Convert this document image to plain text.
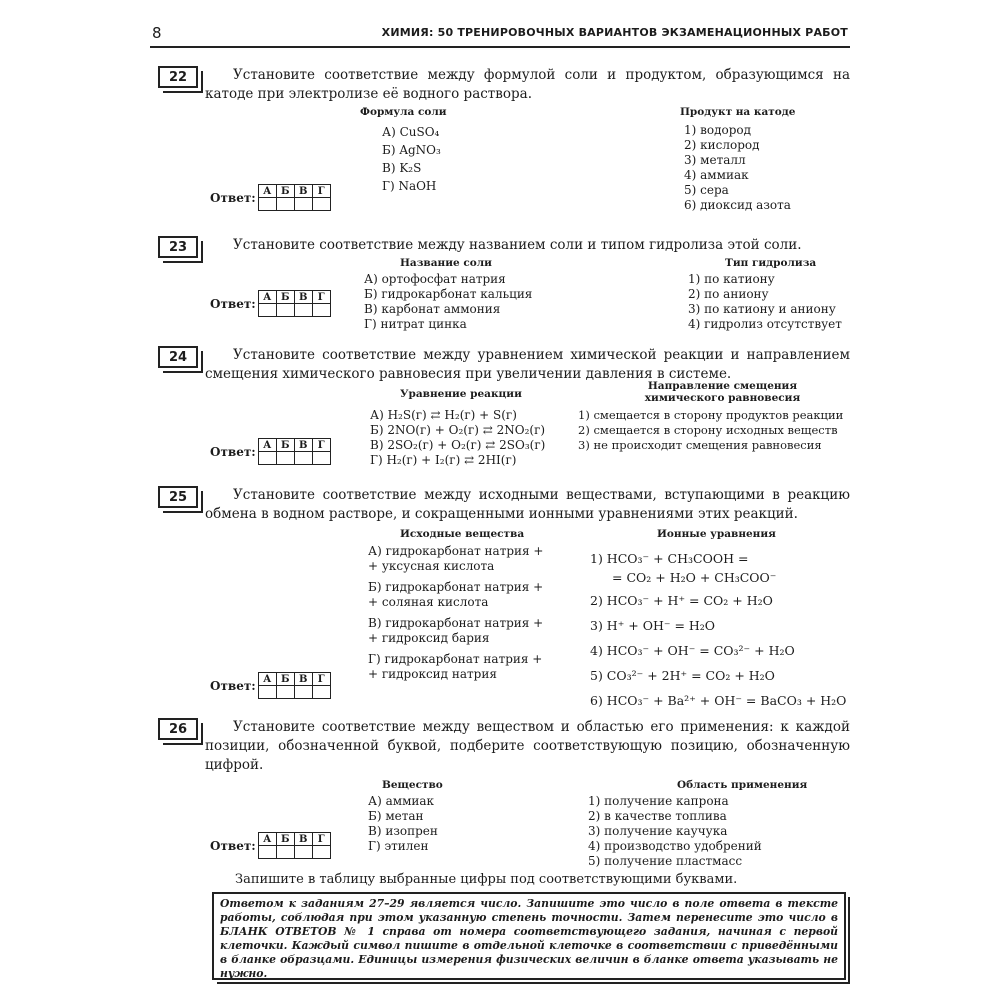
8	ХИМИЯ: 50 ТРЕНИРОВОЧНЫХ ВАРИАНТОВ ЭКЗАМЕНАЦИОННЫХ РАБОТ
22	Установите соответствие между формулой соли и продуктом, образующимся на катоде при электролизе её водного раствора.
Формула соли	Продукт на катоде
А) CuSO₄
Б) AgNO₃
В) K₂S
Г) NaOH
1) водород
2) кислород
3) металл
4) аммиак
5) сера
6) диоксид азота
Ответ: А	Б	В	Г

23	Установите соответствие между названием соли и типом гидролиза этой соли.
Название соли	Тип гидролиза
А) ортофосфат натрия
Б) гидрокарбонат кальция
В) карбонат аммония
Г) нитрат цинка
1) по катиону
2) по аниону
3) по катиону и аниону
4) гидролиз отсутствует
Ответ: А	Б	В	Г

24	Установите соответствие между уравнением химической реакции и направлением смещения химического равновесия при увеличении давления в системе.
Уравнение реакции
Направление смещения
химического равновесия
А) H₂S(г) ⇄ H₂(г) + S(г)
Б) 2NO(г) + O₂(г) ⇄ 2NO₂(г)
В) 2SO₂(г) + O₂(г) ⇄ 2SO₃(г)
Г) H₂(г) + I₂(г) ⇄ 2HI(г)
1) смещается в сторону продуктов реакции
2) смещается в сторону исходных веществ
3) не происходит смещения равновесия
Ответ: А	Б	В	Г

25	Установите соответствие между исходными веществами, вступающими в реакцию обмена в водном растворе, и сокращенными ионными уравнениями этих реакций.
Исходные вещества	Ионные уравнения
А) гидрокарбонат натрия +
+ уксусная кислота
Б) гидрокарбонат натрия +
+ соляная кислота
В) гидрокарбонат натрия +
+ гидроксид бария
Г) гидрокарбонат натрия +
+ гидроксид натрия
1) HCO₃⁻ + CH₃COOH =
= CO₂ + H₂O + CH₃COO⁻
2) HCO₃⁻ + H⁺ = CO₂ + H₂O
3) H⁺ + OH⁻ = H₂O
4) HCO₃⁻ + OH⁻ = CO₃²⁻ + H₂O
5) CO₃²⁻ + 2H⁺ = CO₂ + H₂O
6) HCO₃⁻ + Ba²⁺ + OH⁻ = BaCO₃ + H₂O
Ответ: А	Б	В	Г

26	Установите соответствие между веществом и областью его применения: к каждой позиции, обозначенной буквой, подберите соответствующую позицию, обозначенную цифрой.
Вещество	Область применения
А) аммиак
Б) метан
В) изопрен
Г) этилен
1) получение капрона
2) в качестве топлива
3) получение каучука
4) производство удобрений
5) получение пластмасс
Ответ: А	Б	В	Г

Запишите в таблицу выбранные цифры под соответствующими буквами.
Ответом к заданиям 27–29 является число. Запишите это число в поле ответа в тексте работы, соблюдая при этом указанную степень точности. Затем перенесите это число в БЛАНК ОТВЕТОВ № 1 справа от номера соответствующего задания, начиная с первой клеточки. Каждый символ пишите в отдельной клеточке в соответствии с приведёнными в бланке образцами. Единицы измерения физических величин в бланке ответа указывать не нужно.
